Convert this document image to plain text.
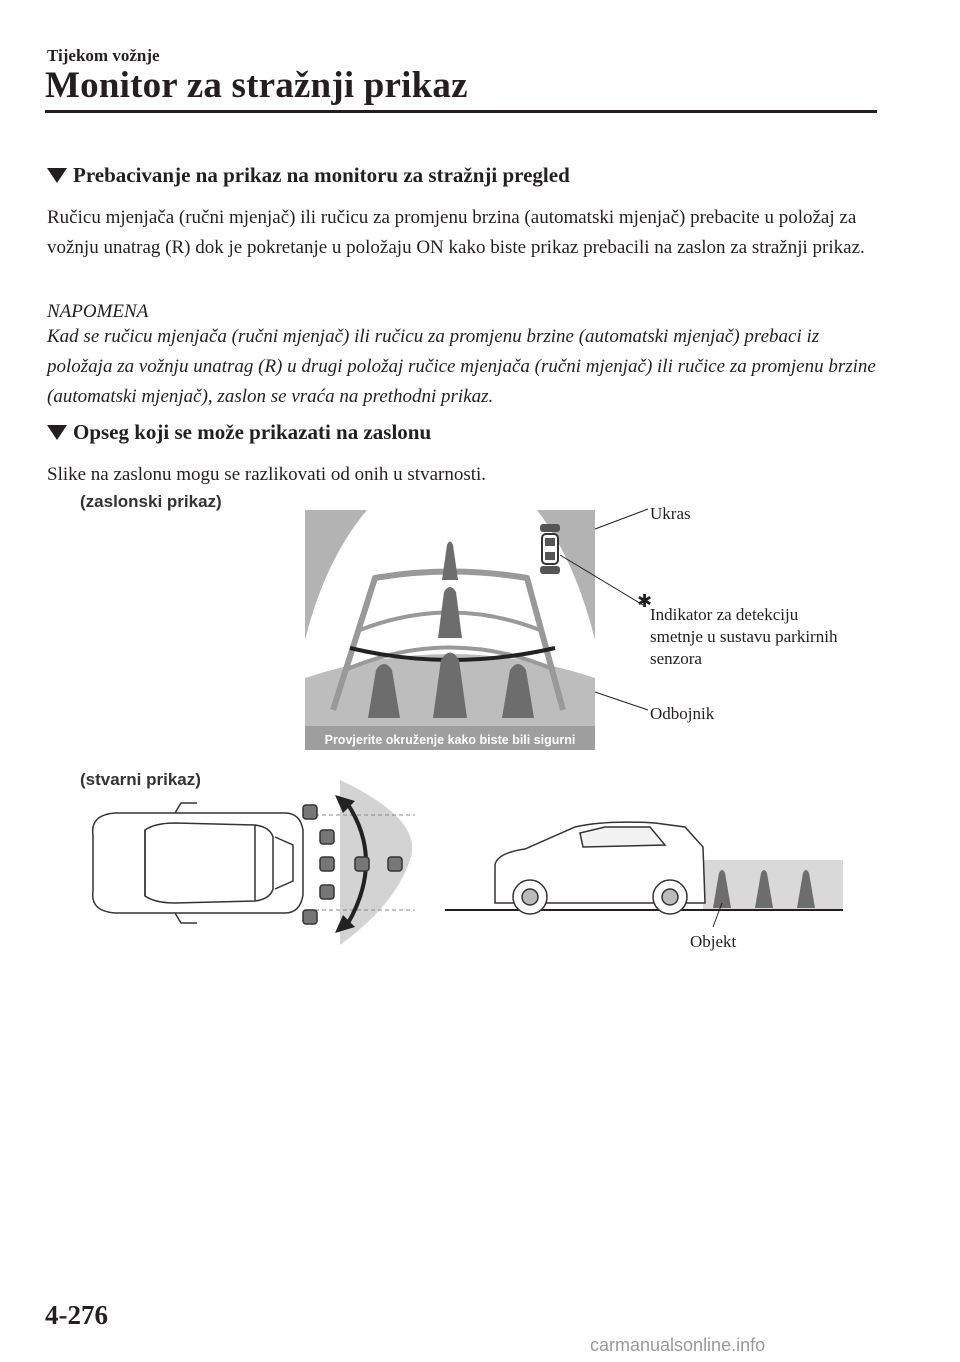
Tijekom vožnje
Monitor za stražnji prikaz
Prebacivanje na prikaz na monitoru za stražnji pregled
Ručicu mjenjača (ručni mjenjač) ili ručicu za promjenu brzina (automatski mjenjač) prebacite u položaj za vožnju unatrag (R) dok je pokretanje u položaju ON kako biste prikaz prebacili na zaslon za stražnji prikaz.
NAPOMENA
Kad se ručicu mjenjača (ručni mjenjač) ili ručicu za promjenu brzine (automatski mjenjač) prebaci iz položaja za vožnju unatrag (R) u drugi položaj ručice mjenjača (ručni mjenjač) ili ručice za promjenu brzine (automatski mjenjač), zaslon se vraća na prethodni prikaz.
Opseg koji se može prikazati na zaslonu
Slike na zaslonu mogu se razlikovati od onih u stvarnosti.
(zaslonski prikaz)
Provjerite okruženje kako biste bili sigurni
✱
Ukras
Indikator za detekciju smetnje u sustavu parkirnih senzora
Odbojnik
(stvarni prikaz)
Objekt
4-276
carmanualsonline.info
